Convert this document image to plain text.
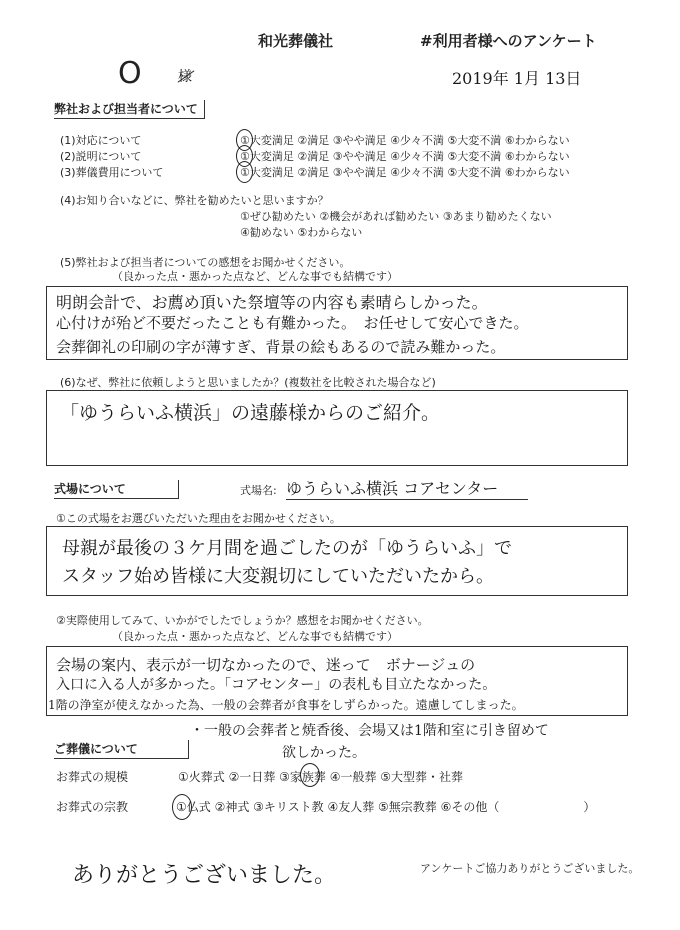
和光葬儀社	#利用者様へのアンケート
O	様	2019年 1月 13日
弊社および担当者について
(1)対応について	①大変満足 ②満足 ③やや満足 ④少々不満 ⑤大変不満 ⑥わからない
(2)説明について	①大変満足 ②満足 ③やや満足 ④少々不満 ⑤大変不満 ⑥わからない
(3)葬儀費用について	①大変満足 ②満足 ③やや満足 ④少々不満 ⑤大変不満 ⑥わからない
(4)お知り合いなどに、弊社を勧めたいと思いますか？
①ぜひ勧めたい ②機会があれば勧めたい ③あまり勧めたくない
④勧めない ⑤わからない
(5)弊社および担当者についての感想をお聞かせください。
（良かった点・悪かった点など、どんな事でも結構です）
明朗会計で、お薦め頂いた祭壇等の内容も素晴らしかった。
心付けが殆ど不要だったことも有難かった。　お任せして安心できた。
会葬御礼の印刷の字が薄すぎ、背景の絵もあるので読み難かった。
(6)なぜ、弊社に依頼しようと思いましたか？(複数社を比較された場合など)
「ゆうらいふ横浜」の遠藤様からのご紹介。
式場について	式場名: ゆうらいふ横浜 コアセンター
①この式場をお選びいただいた理由をお聞かせください。
母親が最後の３ケ月間を過ごしたのが「ゆうらいふ」で
スタッフ始め皆様に大変親切にしていただいたから。
②実際使用してみて、いかがでしたでしょうか？感想をお聞かせください。
（良かった点・悪かった点など、どんな事でも結構です）
会場の案内、表示が一切なかったので、迷って　ボナージュの
入口に入る人が多かった。「コアセンター」の表札も目立たなかった。
1階の浄室が使えなかった為、一般の会葬者が食事をしずらかった。遠慮してしまった。
ご葬儀について
・一般の会葬者と焼香後、会場又は1階和室に引き留めて
欲しかった。
お葬式の規模	①火葬式 ②一日葬 ③家族葬 ④一般葬 ⑤大型葬・社葬
お葬式の宗教	①仏式 ②神式 ③キリスト教 ④友人葬 ⑤無宗教葬 ⑥その他（　　　　　　　）
ありがとうございました。	アンケートご協力ありがとうございました。
